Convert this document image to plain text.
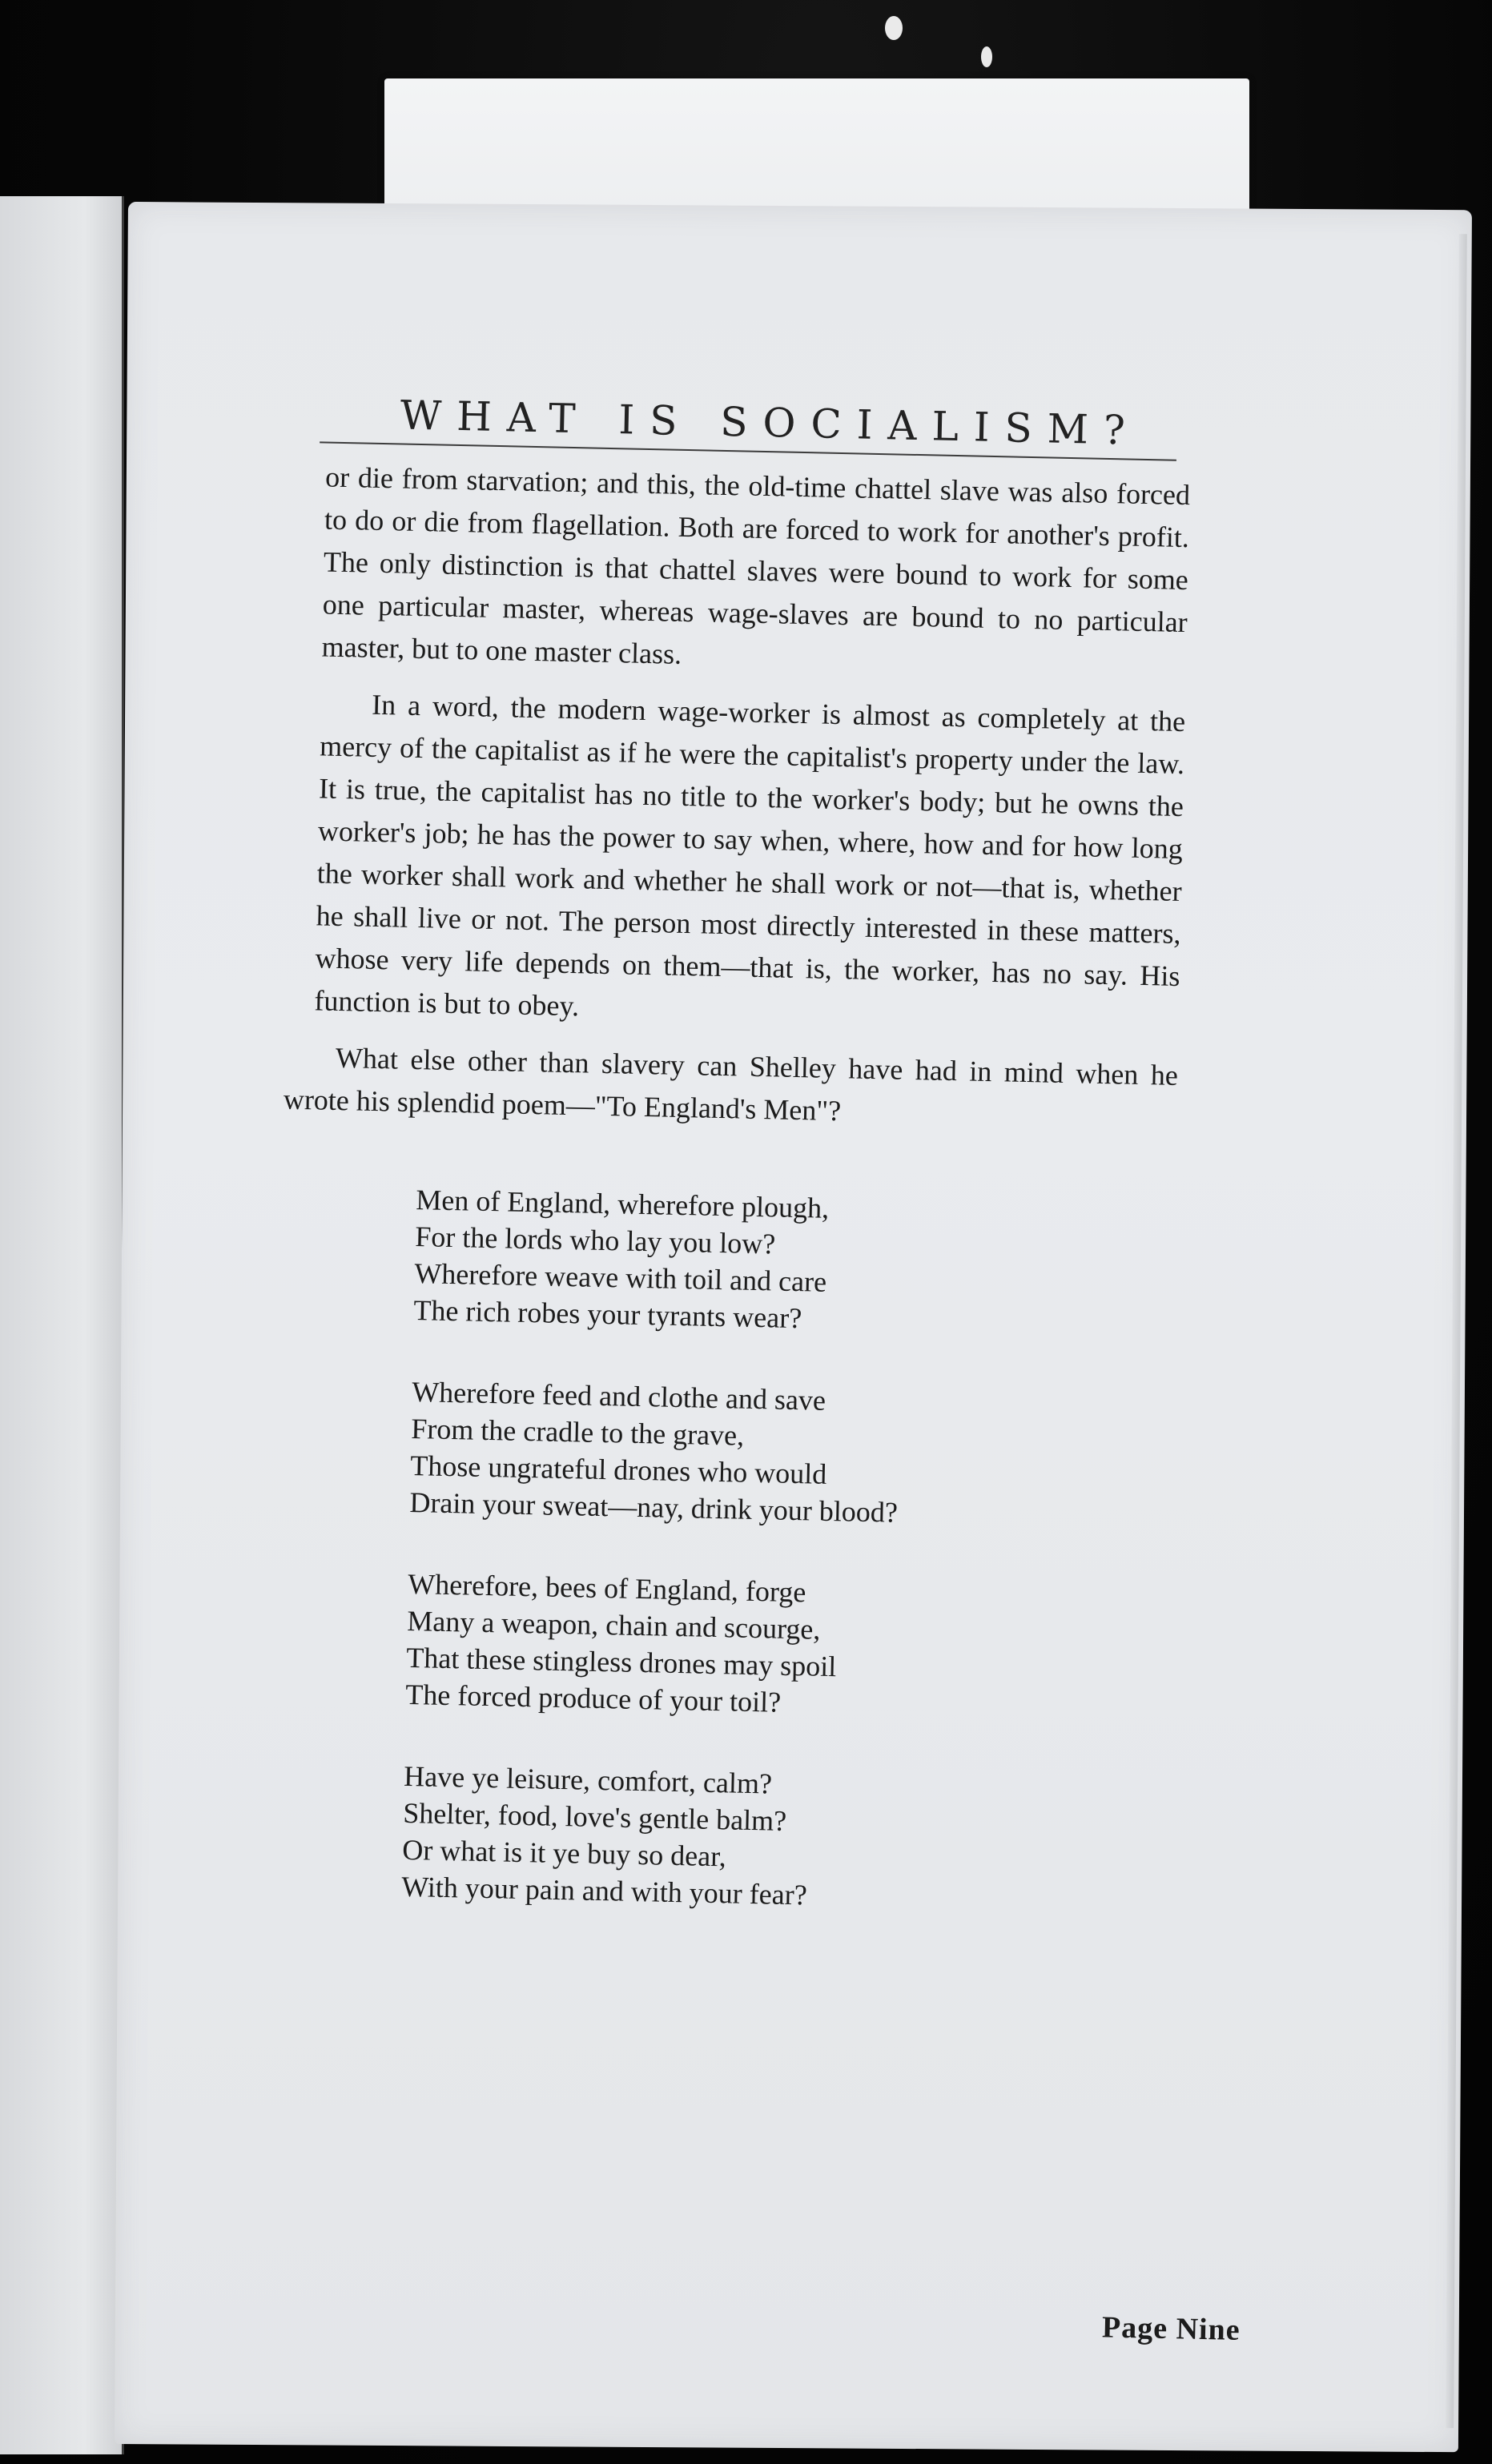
WHAT IS SOCIALISM?

or die from starvation; and this, the old-time chattel slave was also forced to do or die from flagellation. Both are forced to work for another's profit. The only distinction is that chattel slaves were bound to work for some one particular master, whereas wage-slaves are bound to no particular master, but to one master class.

In a word, the modern wage-worker is almost as completely at the mercy of the capitalist as if he were the capitalist's property under the law. It is true, the capitalist has no title to the worker's body; but he owns the worker's job; he has the power to say when, where, how and for how long the worker shall work and whether he shall work or not—that is, whether he shall live or not. The person most directly interested in these matters, whose very life depends on them—that is, the worker, has no say. His function is but to obey.

What else other than slavery can Shelley have had in mind when he wrote his splendid poem—"To England's Men"?

Men of England, wherefore plough,
For the lords who lay you low?
Wherefore weave with toil and care
The rich robes your tyrants wear?
Wherefore feed and clothe and save
From the cradle to the grave,
Those ungrateful drones who would
Drain your sweat—nay, drink your blood?
Wherefore, bees of England, forge
Many a weapon, chain and scourge,
That these stingless drones may spoil
The forced produce of your toil?
Have ye leisure, comfort, calm?
Shelter, food, love's gentle balm?
Or what is it ye buy so dear,
With your pain and with your fear?
Page Nine
